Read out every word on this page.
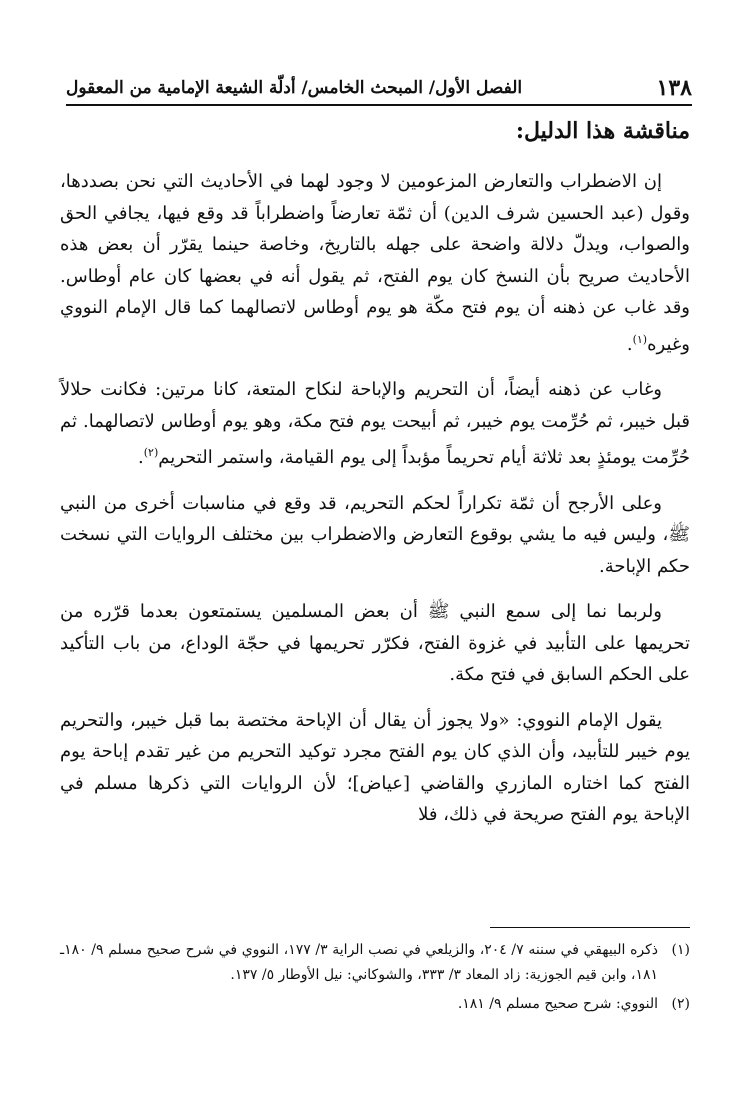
١٣٨
الفصل الأول/ المبحث الخامس/ أدلّة الشيعة الإمامية من المعقول
مناقشة هذا الدليل:

إن الاضطراب والتعارض المزعومين لا وجود لهما في الأحاديث التي نحن بصددها، وقول (عبد الحسين شرف الدين) أن ثمّة تعارضاً واضطراباً قد وقع فيها، يجافي الحق والصواب، ويدلّ دلالة واضحة على جهله بالتاريخ، وخاصة حينما يقرّر أن بعض هذه الأحاديث صريح بأن النسخ كان يوم الفتح، ثم يقول أنه في بعضها كان عام أوطاس. وقد غاب عن ذهنه أن يوم فتح مكّة هو يوم أوطاس لاتصالهما كما قال الإمام النووي وغيره$^{(١)}$.

وغاب عن ذهنه أيضاً، أن التحريم والإباحة لنكاح المتعة، كانا مرتين: فكانت حلالاً قبل خيبر، ثم حُرِّمت يوم خيبر، ثم أبيحت يوم فتح مكة، وهو يوم أوطاس لاتصالهما. ثم حُرِّمت يومئذٍ بعد ثلاثة أيام تحريماً مؤبداً إلى يوم القيامة، واستمر التحريم$^{(٢)}$.

وعلى الأرجح أن ثمّة تكراراً لحكم التحريم، قد وقع في مناسبات أخرى من النبي ﷺ، وليس فيه ما يشي بوقوع التعارض والاضطراب بين مختلف الروايات التي نسخت حكم الإباحة.

ولربما نما إلى سمع النبي ﷺ أن بعض المسلمين يستمتعون بعدما قرّره من تحريمها على التأبيد في غزوة الفتح، فكرّر تحريمها في حجّة الوداع، من باب التأكيد على الحكم السابق في فتح مكة.

يقول الإمام النووي: «ولا يجوز أن يقال أن الإباحة مختصة بما قبل خيبر، والتحريم يوم خيبر للتأبيد، وأن الذي كان يوم الفتح مجرد توكيد التحريم من غير تقدم إباحة يوم الفتح كما اختاره المازري والقاضي [عياض]؛ لأن الروايات التي ذكرها مسلم في الإباحة يوم الفتح صريحة في ذلك، فلا

(١)
ذكره البيهقي في سننه ٧/ ٢٠٤، والزيلعي في نصب الراية ٣/ ١٧٧، النووي في شرح صحيح مسلم ٩/ ١٨٠ـ ١٨١، وابن قيم الجوزية: زاد المعاد ٣/ ٣٣٣، والشوكاني: نيل الأوطار ٥/ ١٣٧.
(٢)
النووي: شرح صحيح مسلم ٩/ ١٨١.
